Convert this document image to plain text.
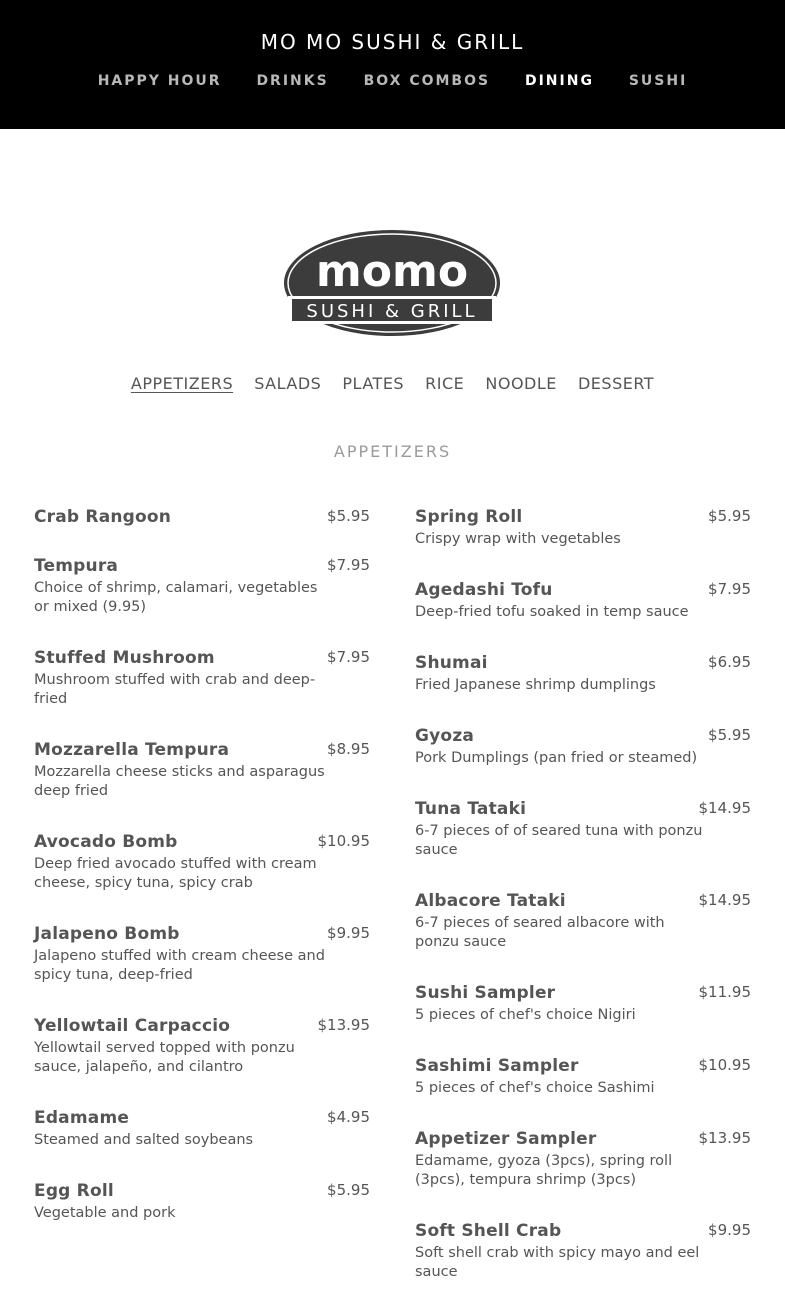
MO MO SUSHI & GRILL
HAPPY HOUR DRINKS BOX COMBOS DINING SUSHI
momo
SUSHI & GRILL
APPETIZERS SALADS PLATES RICE NOODLE DESSERT
APPETIZERS
Crab Rangoon	$5.95
Tempura	$7.95
Choice of shrimp, calamari, vegetables or mixed (9.95)
Stuffed Mushroom	$7.95
Mushroom stuffed with crab and deep-fried
Mozzarella Tempura	$8.95
Mozzarella cheese sticks and asparagus deep fried
Avocado Bomb	$10.95
Deep fried avocado stuffed with cream cheese, spicy tuna, spicy crab
Jalapeno Bomb	$9.95
Jalapeno stuffed with cream cheese and spicy tuna, deep-fried
Yellowtail Carpaccio	$13.95
Yellowtail served topped with ponzu sauce, jalapeño, and cilantro
Edamame	$4.95
Steamed and salted soybeans
Egg Roll	$5.95
Vegetable and pork
Spring Roll	$5.95
Crispy wrap with vegetables
Agedashi Tofu	$7.95
Deep-fried tofu soaked in temp sauce
Shumai	$6.95
Fried Japanese shrimp dumplings
Gyoza	$5.95
Pork Dumplings (pan fried or steamed)
Tuna Tataki	$14.95
6-7 pieces of of seared tuna with ponzu sauce
Albacore Tataki	$14.95
6-7 pieces of seared albacore with ponzu sauce
Sushi Sampler	$11.95
5 pieces of chef's choice Nigiri
Sashimi Sampler	$10.95
5 pieces of chef's choice Sashimi
Appetizer Sampler	$13.95
Edamame, gyoza (3pcs), spring roll (3pcs), tempura shrimp (3pcs)
Soft Shell Crab	$9.95
Soft shell crab with spicy mayo and eel sauce
